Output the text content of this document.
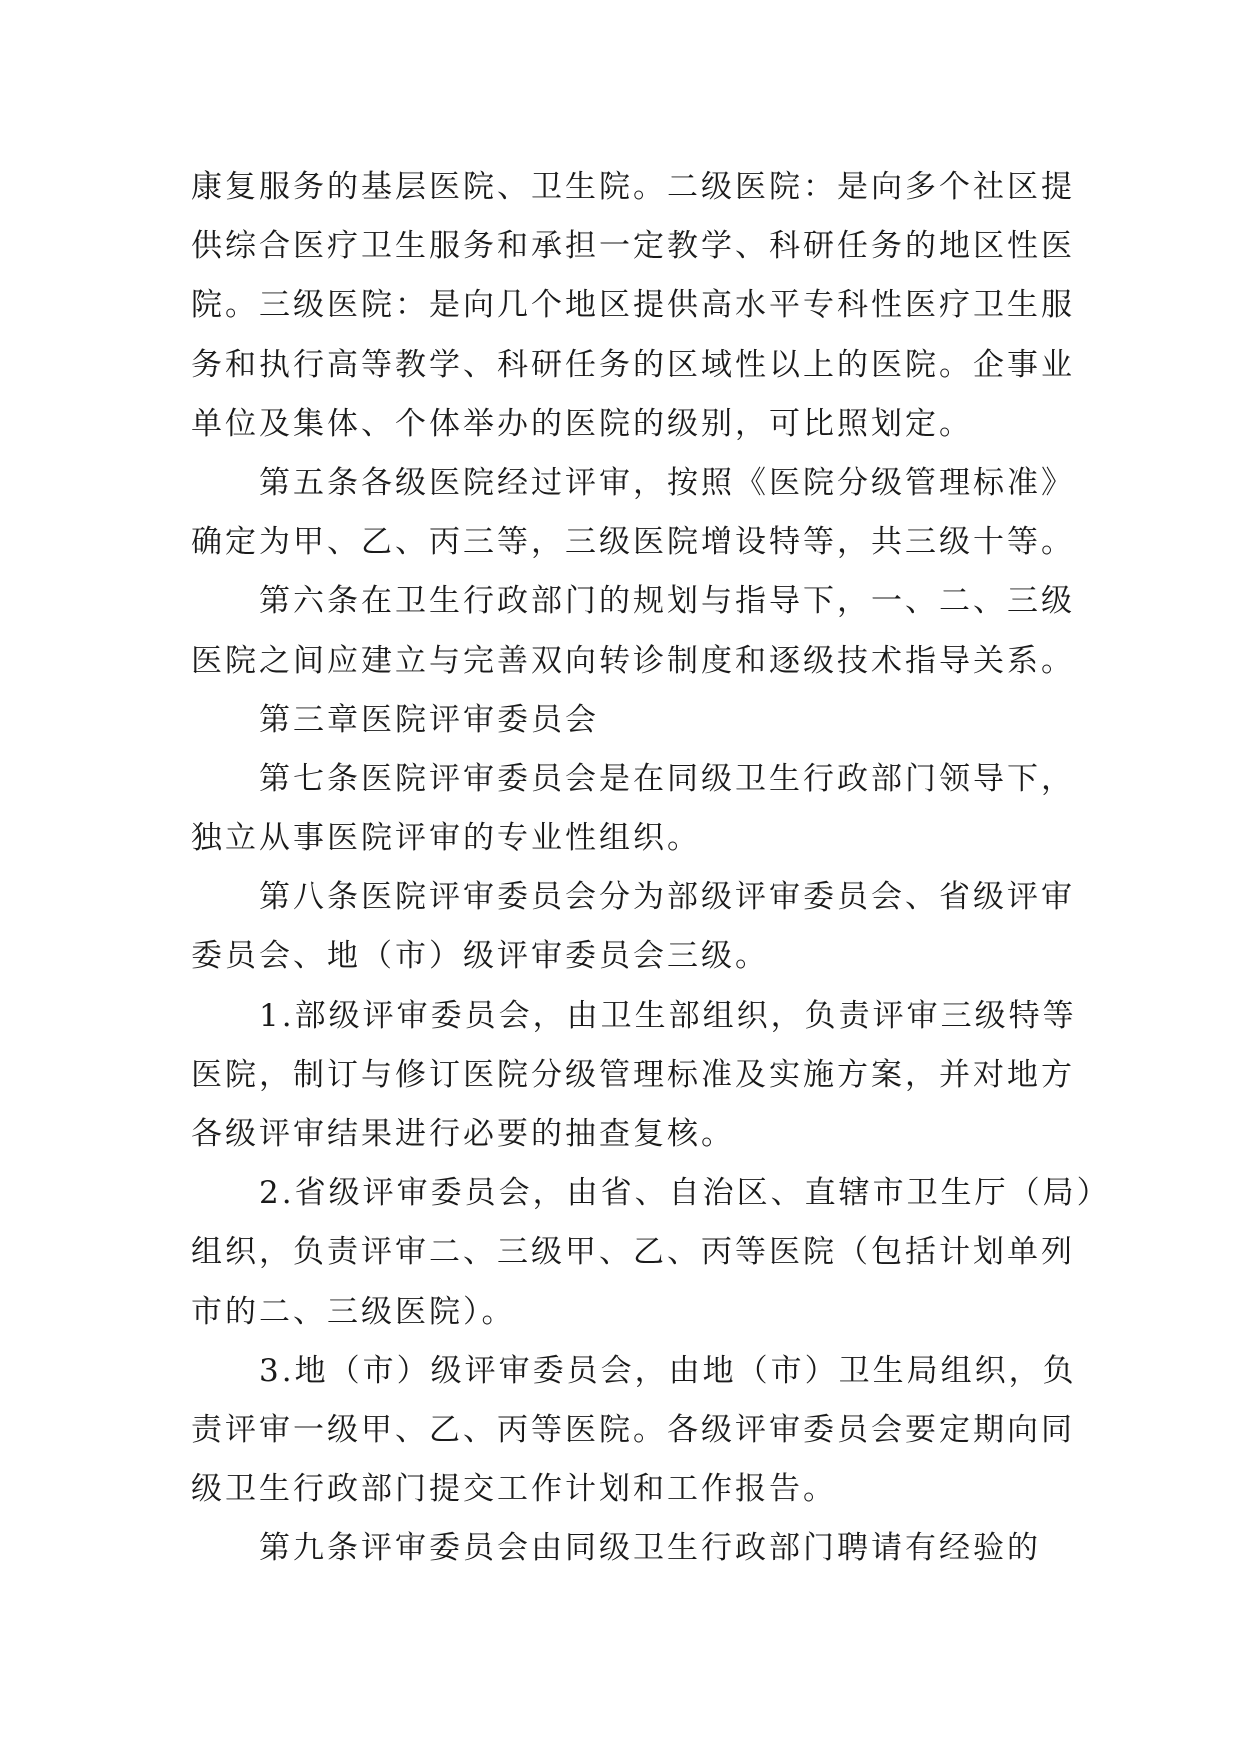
康复服务的基层医院、卫生院。二级医院：是向多个社区提
供综合医疗卫生服务和承担一定教学、科研任务的地区性医
院。三级医院：是向几个地区提供高水平专科性医疗卫生服
务和执行高等教学、科研任务的区域性以上的医院。企事业
单位及集体、个体举办的医院的级别，可比照划定。
第五条各级医院经过评审，按照《医院分级管理标准》
确定为甲、乙、丙三等，三级医院增设特等，共三级十等。
第六条在卫生行政部门的规划与指导下，一、二、三级
医院之间应建立与完善双向转诊制度和逐级技术指导关系。
第三章医院评审委员会
第七条医院评审委员会是在同级卫生行政部门领导下，
独立从事医院评审的专业性组织。
第八条医院评审委员会分为部级评审委员会、省级评审
委员会、地（市）级评审委员会三级。
1.部级评审委员会，由卫生部组织，负责评审三级特等
医院，制订与修订医院分级管理标准及实施方案，并对地方
各级评审结果进行必要的抽查复核。
2.省级评审委员会，由省、自治区、直辖市卫生厅（局）
组织，负责评审二、三级甲、乙、丙等医院（包括计划单列
市的二、三级医院）。
3.地（市）级评审委员会，由地（市）卫生局组织，负
责评审一级甲、乙、丙等医院。各级评审委员会要定期向同
级卫生行政部门提交工作计划和工作报告。
第九条评审委员会由同级卫生行政部门聘请有经验的
